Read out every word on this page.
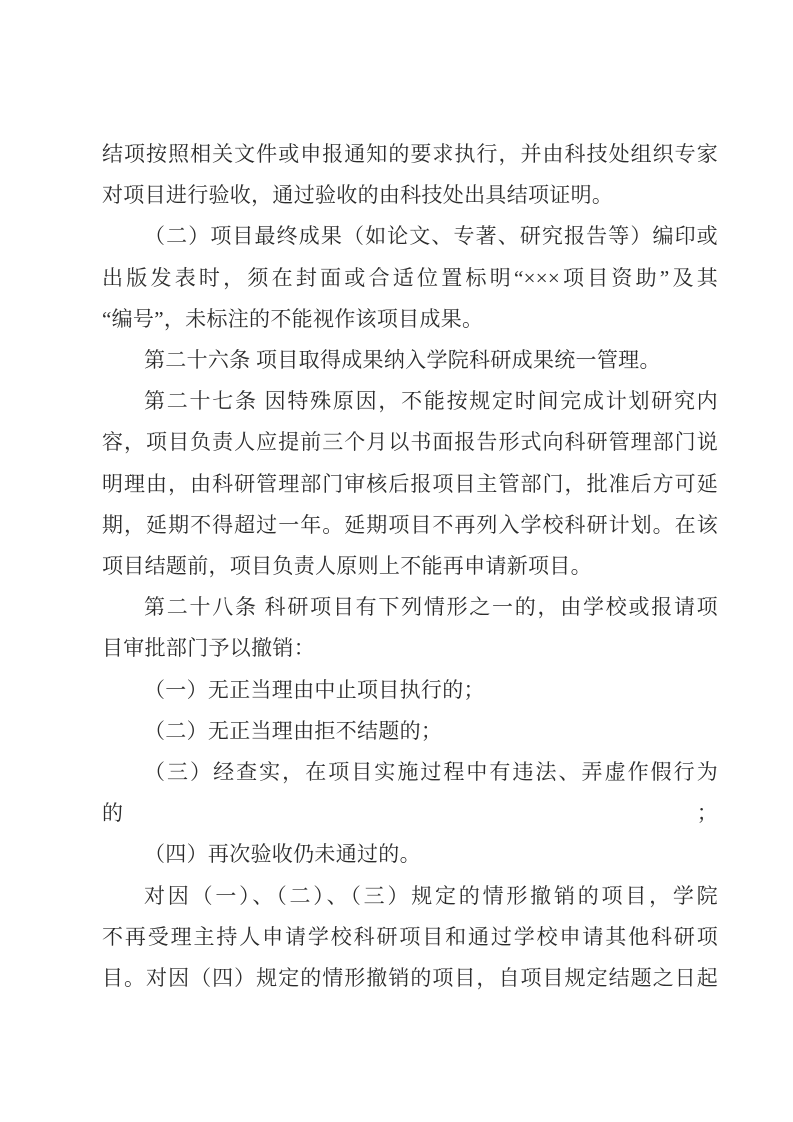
结项按照相关文件或申报通知的要求执行，并由科技处组织专家
对项目进行验收，通过验收的由科技处出具结项证明。
（二）项目最终成果（如论文、专著、研究报告等）编印或
出版发表时，须在封面或合适位置标明“×××项目资助”及其
“编号”，未标注的不能视作该项目成果。
第二十六条 项目取得成果纳入学院科研成果统一管理。
第二十七条 因特殊原因，不能按规定时间完成计划研究内
容，项目负责人应提前三个月以书面报告形式向科研管理部门说
明理由，由科研管理部门审核后报项目主管部门，批准后方可延
期，延期不得超过一年。延期项目不再列入学校科研计划。在该
项目结题前，项目负责人原则上不能再申请新项目。
第二十八条 科研项目有下列情形之一的，由学校或报请项
目审批部门予以撤销：
（一）无正当理由中止项目执行的；
（二）无正当理由拒不结题的；
（三）经查实，在项目实施过程中有违法、弄虚作假行为的；
（四）再次验收仍未通过的。
对因（一）、（二）、（三）规定的情形撤销的项目，学院
不再受理主持人申请学校科研项目和通过学校申请其他科研项
目。对因（四）规定的情形撤销的项目，自项目规定结题之日起
